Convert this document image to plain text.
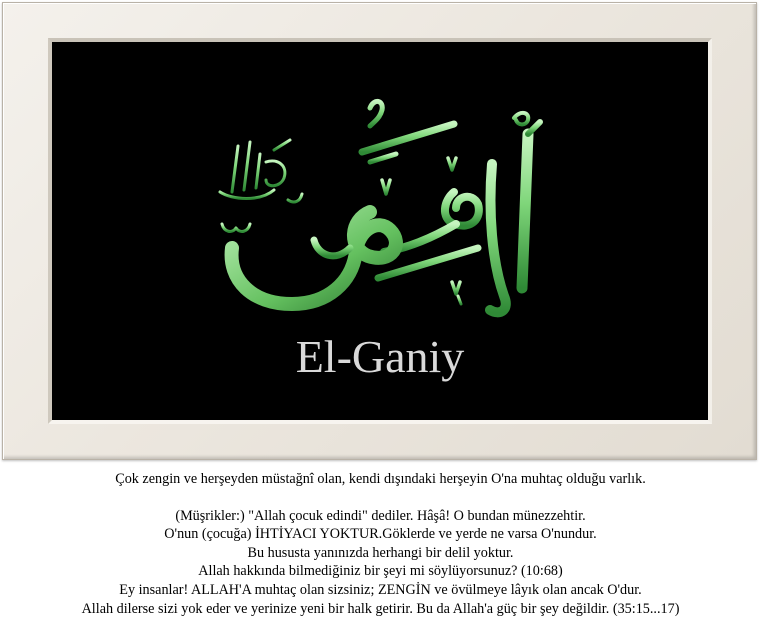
El-Ganiy
Çok zengin ve herşeyden müstağnî olan, kendi dışındaki herşeyin O'na muhtaç olduğu varlık.
(Müşrikler:) "Allah çocuk edindi" dediler. Hâşâ! O bundan münezzehtir.
O'nun (çocuğa) İHTİYACI YOKTUR.Göklerde ve yerde ne varsa O'nundur.
Bu hususta yanınızda herhangi bir delil yoktur.
Allah hakkında bilmediğiniz bir şeyi mi söylüyorsunuz? (10:68)
Ey insanlar! ALLAH'A muhtaç olan sizsiniz; ZENGİN ve övülmeye lâyık olan ancak O'dur.
Allah dilerse sizi yok eder ve yerinize yeni bir halk getirir. Bu da Allah'a güç bir şey değildir. (35:15...17)
